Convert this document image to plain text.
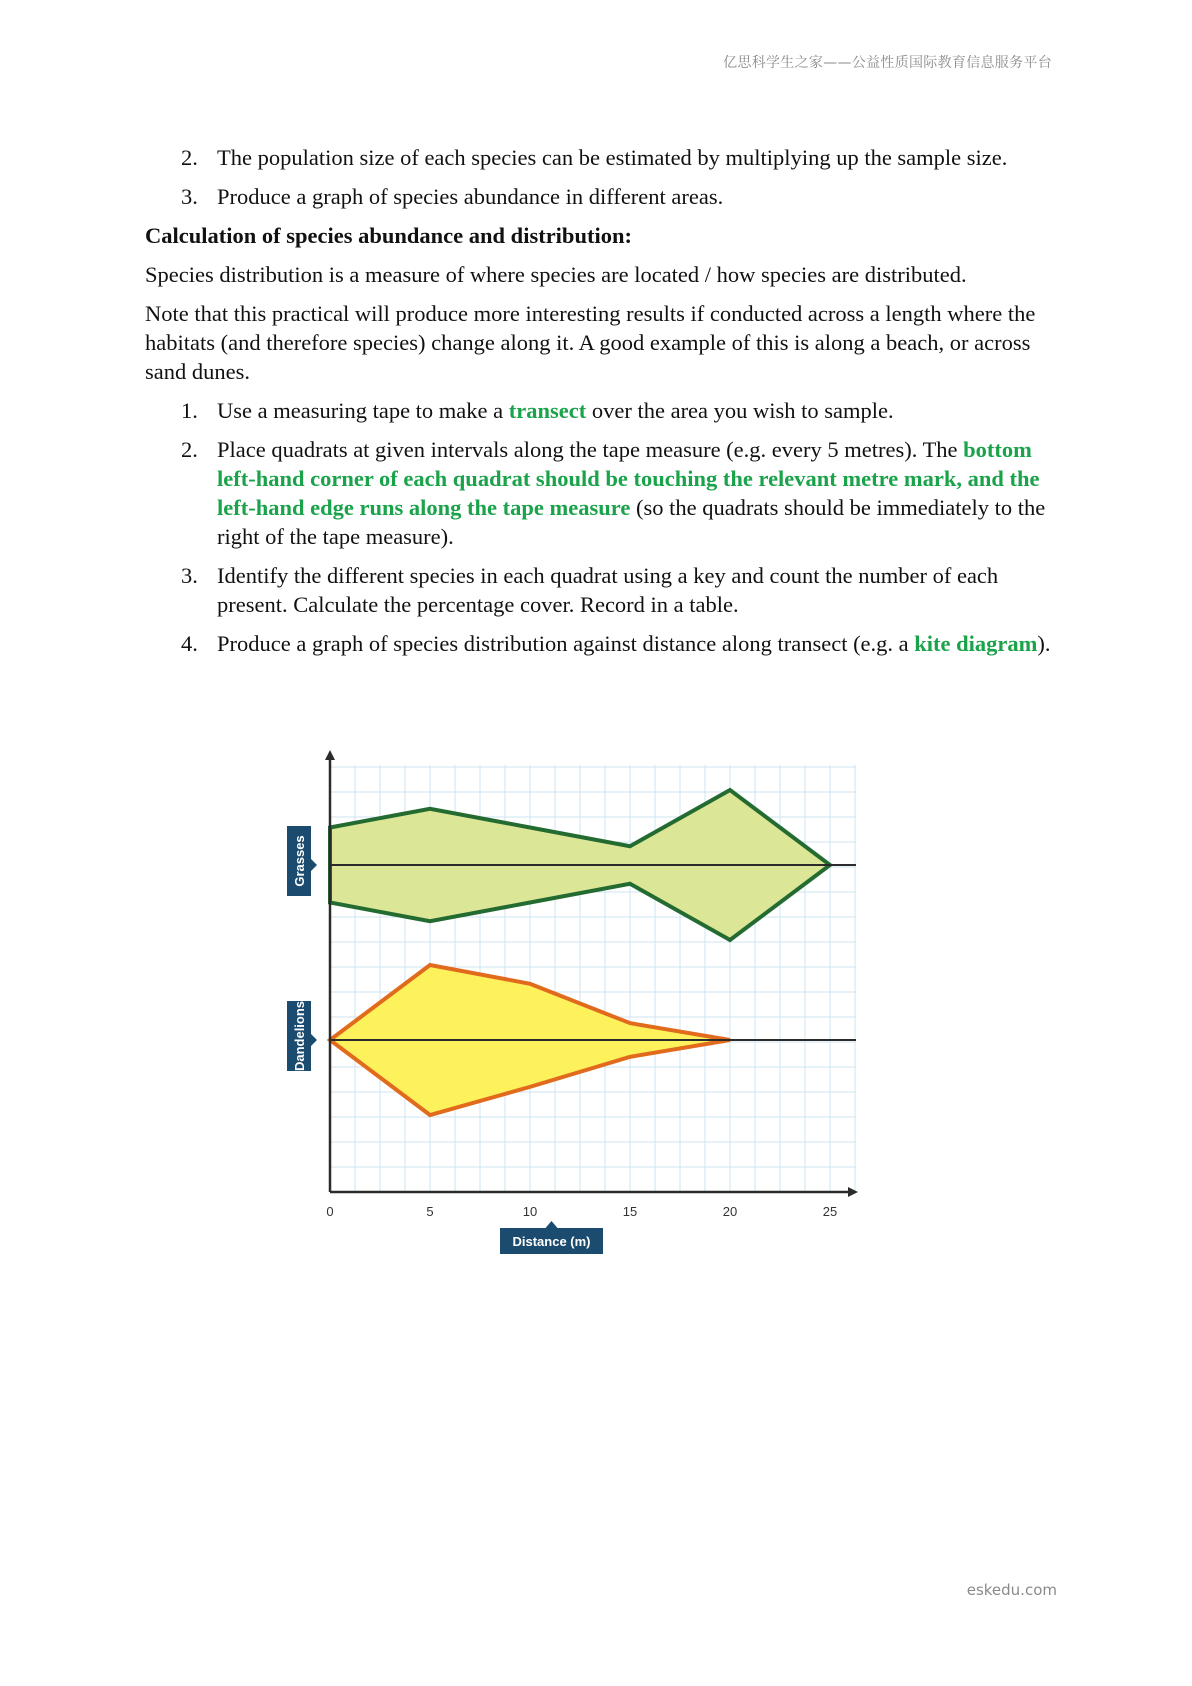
亿思科学生之家——公益性质国际教育信息服务平台
2. The population size of each species can be estimated by multiplying up the sample size.
3. Produce a graph of species abundance in different areas.

Calculation of species abundance and distribution:

Species distribution is a measure of where species are located / how species are distributed.

Note that this practical will produce more interesting results if conducted across a length where the habitats (and therefore species) change along it. A good example of this is along a beach, or across sand dunes.

1. Use a measuring tape to make a transect over the area you wish to sample.
2. Place quadrats at given intervals along the tape measure (e.g. every 5 metres). The bottom left-hand corner of each quadrat should be touching the relevant metre mark, and the left-hand edge runs along the tape measure (so the quadrats should be immediately to the right of the tape measure).
3. Identify the different species in each quadrat using a key and count the number of each present. Calculate the percentage cover. Record in a table.
4. Produce a graph of species distribution against distance along transect (e.g. a kite diagram).
Grasses
Dandelions
0	5	10	15	20	25
Distance (m)
eskedu.com
